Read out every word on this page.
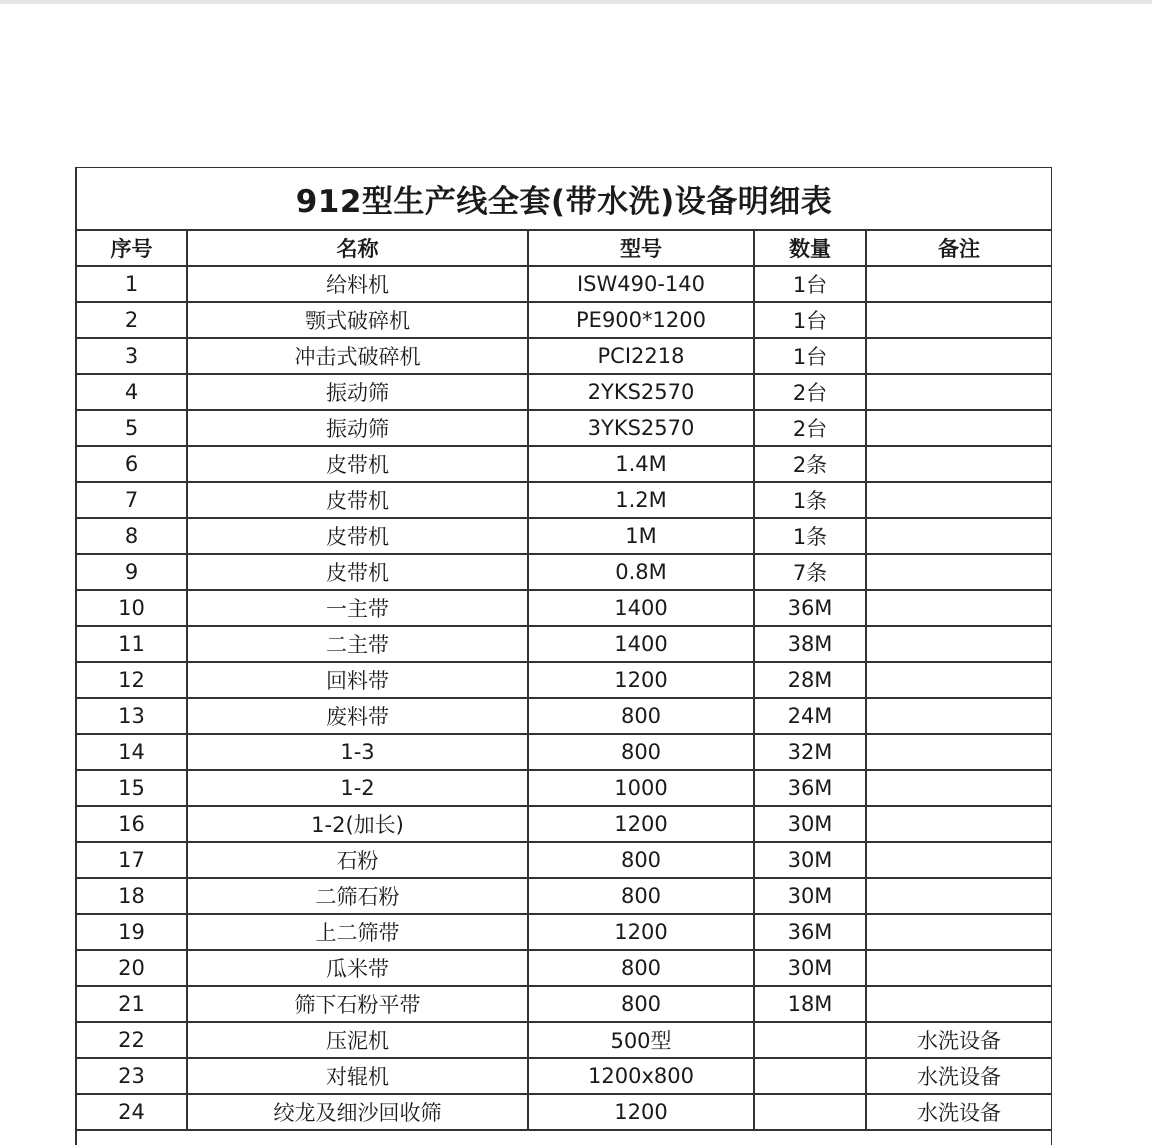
912型生产线全套(带水洗)设备明细表
序号	名称	型号	数量	备注
1	给料机	ISW490-140	1台	
2	颚式破碎机	PE900*1200	1台	
3	冲击式破碎机	PCI2218	1台	
4	振动筛	2YKS2570	2台	
5	振动筛	3YKS2570	2台	
6	皮带机	1.4M	2条	
7	皮带机	1.2M	1条	
8	皮带机	1M	1条	
9	皮带机	0.8M	7条	
10	一主带	1400	36M	
11	二主带	1400	38M	
12	回料带	1200	28M	
13	废料带	800	24M	
14	1-3	800	32M	
15	1-2	1000	36M	
16	1-2(加长)	1200	30M	
17	石粉	800	30M	
18	二筛石粉	800	30M	
19	上二筛带	1200	36M	
20	瓜米带	800	30M	
21	筛下石粉平带	800	18M	
22	压泥机	500型		水洗设备
23	对辊机	1200x800		水洗设备
24	绞龙及细沙回收筛	1200		水洗设备
